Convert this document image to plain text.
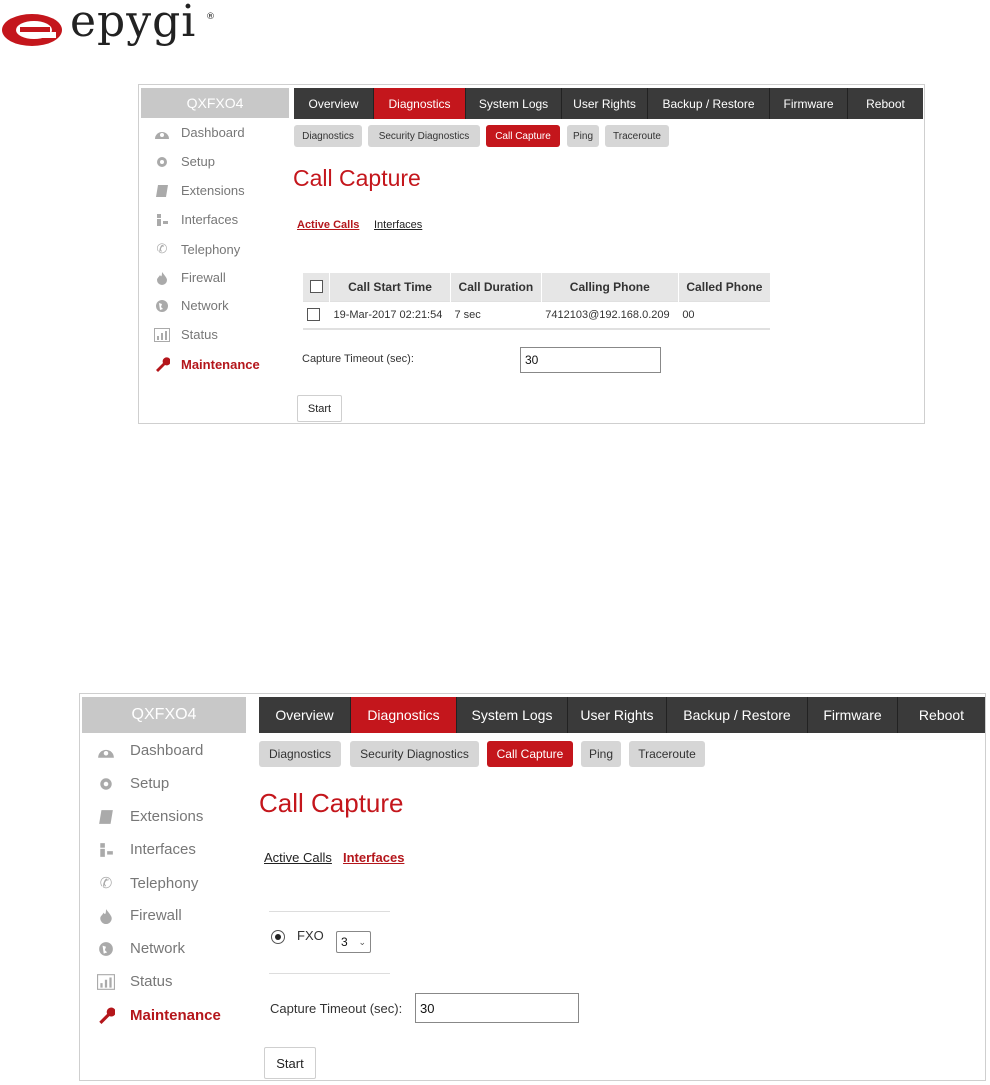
epygi ®
QXFXO4
Dashboard
Setup
Extensions
Interfaces
✆	Telephony
Firewall
Network
Status
Maintenance
Overview	Diagnostics	System Logs	User Rights	Backup / Restore	Firmware	Reboot
Diagnostics	Security Diagnostics	Call Capture	Ping	Traceroute
Call Capture
Active Calls Interfaces
	Call Start Time	Call Duration	Calling Phone	Called Phone
	19-Mar-2017 02:21:54	7 sec	7412103@192.168.0.209	00
Capture Timeout (sec):	30
Start
QXFXO4
Dashboard
Setup
Extensions
Interfaces
✆	Telephony
Firewall
Network
Status
Maintenance
Overview	Diagnostics	System Logs	User Rights	Backup / Restore	Firmware	Reboot
Diagnostics	Security Diagnostics	Call Capture	Ping	Traceroute
Call Capture
Active Calls Interfaces
FXO 3 ⌄
Capture Timeout (sec):	30
Start
